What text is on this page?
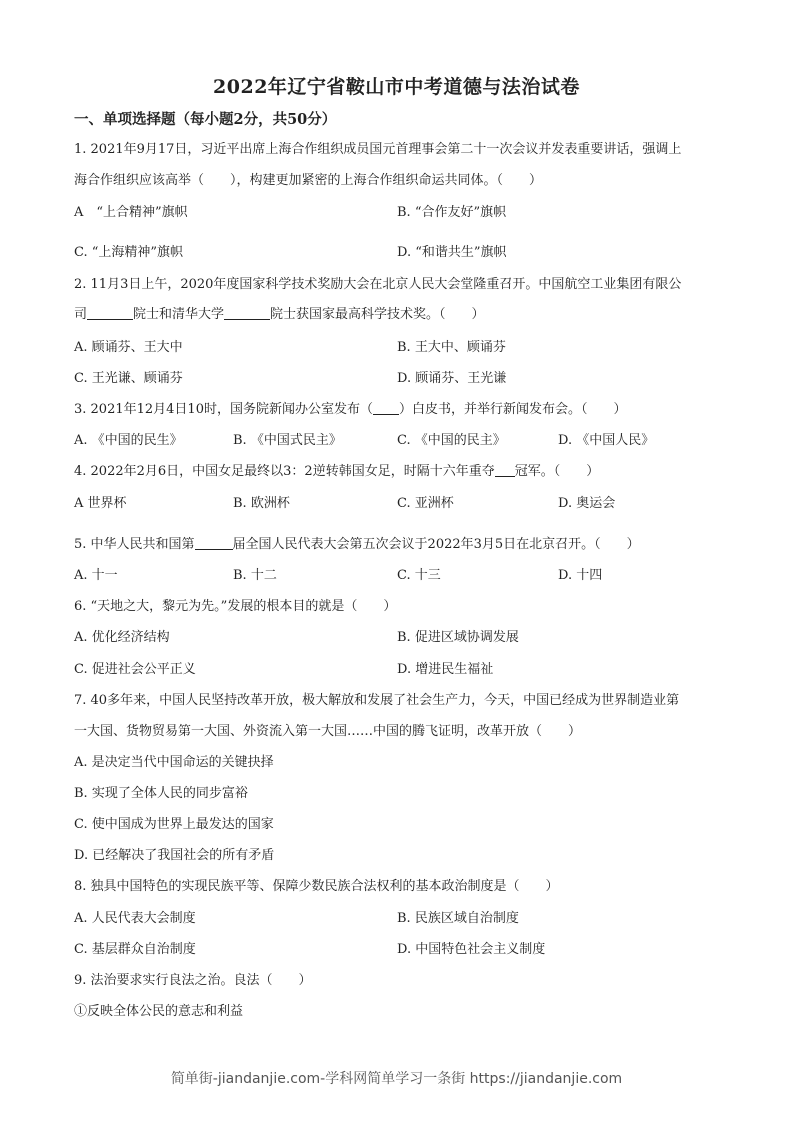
2022年辽宁省鞍山市中考道德与法治试卷
一、单项选择题（每小题2分，共50分）

1. 2021年9月17日，习近平出席上海合作组织成员国元首理事会第二十一次会议并发表重要讲话，强调上

海合作组织应该高举（　　），构建更加紧密的上海合作组织命运共同体。（　　）

A　“上合精神”旗帜	B. “合作友好”旗帜

C. “上海精神”旗帜	D. “和谐共生”旗帜

2. 11月3日上午，2020年度国家科学技术奖励大会在北京人民大会堂隆重召开。中国航空工业集团有限公

司	院士和清华大学	院士获国家最高科学技术奖。（　　）

A. 顾诵芬、王大中	B. 王大中、顾诵芬

C. 王光谦、顾诵芬	D. 顾诵芬、王光谦

3. 2021年12月4日10时，国务院新闻办公室发布（ ）白皮书，并举行新闻发布会。（　　）

A. 《中国的民生》	B. 《中国式民主》	C. 《中国的民主》	D. 《中国人民》

4. 2022年2月6日，中国女足最终以3：2逆转韩国女足，时隔十六年重夺 冠军。（　　）

A 世界杯	B. 欧洲杯	C. 亚洲杯	D. 奥运会

5. 中华人民共和国第	届全国人民代表大会第五次会议于2022年3月5日在北京召开。（　　）

A. 十一	B. 十二	C. 十三	D. 十四

6. “天地之大，黎元为先。”发展的根本目的就是（　　）

A. 优化经济结构	B. 促进区域协调发展

C. 促进社会公平正义	D. 增进民生福祉

7. 40多年来，中国人民坚持改革开放，极大解放和发展了社会生产力，今天，中国已经成为世界制造业第

一大国、货物贸易第一大国、外资流入第一大国……中国的腾飞证明，改革开放（　　）

A. 是决定当代中国命运的关键抉择

B. 实现了全体人民的同步富裕

C. 使中国成为世界上最发达的国家

D. 已经解决了我国社会的所有矛盾

8. 独具中国特色的实现民族平等、保障少数民族合法权利的基本政治制度是（　　）

A. 人民代表大会制度	B. 民族区域自治制度

C. 基层群众自治制度	D. 中国特色社会主义制度

9. 法治要求实行良法之治。良法（　　）

①反映全体公民的意志和利益

简单街-jiandanjie.com-学科网简单学习一条街 https://jiandanjie.com
